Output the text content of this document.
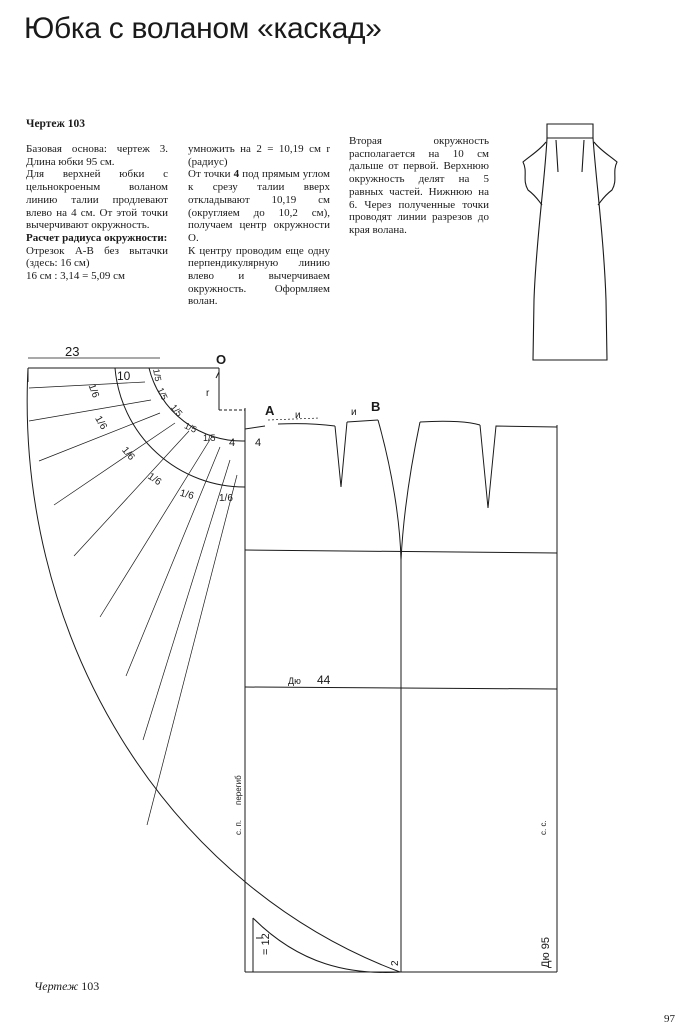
Юбка с воланом «каскад»
Чертеж 103
Базовая основа: чертеж 3. Длина юбки 95 см.
Для верхней юбки с цельнокроеным воланом линию талии продлевают влево на 4 см. От этой точки вычерчивают окружность.
Расчет радиуса окружности:
Отрезок А-В без вытачки (здесь: 16 см)
16 см : 3,14 = 5,09 см
умножить на 2 = 10,19 см r (радиус)
От точки 4 под прямым углом к срезу талии вверх откладывают 10,19 см (округляем до 10,2 см), получаем центр окружности О.
К центру проводим еще одну перпендикулярную линию влево и вычерчиваем окружность. Оформляем волан.
Вторая окружность располагается на 10 см дальше от первой. Верхнюю окружность делят на 5 равных частей. Нижнюю на 6. Через полученные точки проводят линии разрезов до края волана.
23
10
O
r
A	B
и	и
4 4
1/6
1/6
1/6
1/6
1/6 1/6
1/5
1/5
1/5
1/5
1/5
Дю 44
с. п.
перегиб
с. с.
= 12
2	Дю 95
Чертеж 103
97
